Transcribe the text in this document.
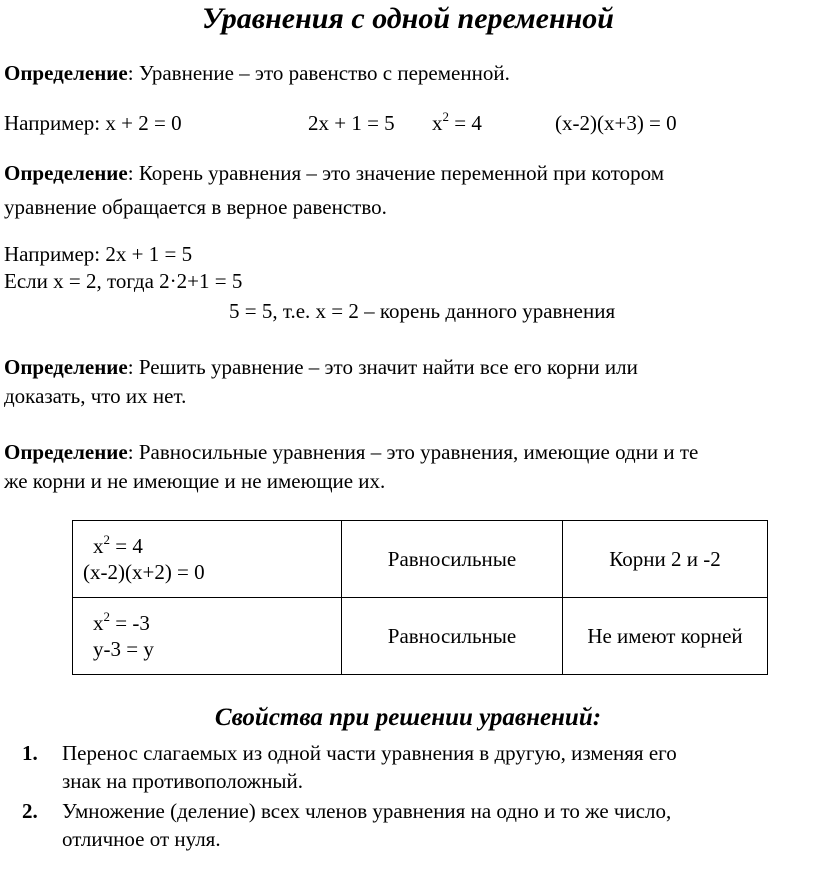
Уравнения с одной переменной
Определение: Уравнение – это равенство с переменной.
Например: x + 2 = 0	2x + 1 = 5 $x^2 = 4$	(x-2)(x+3) = 0
Определение: Корень уравнения – это значение переменной при котором
уравнение обращается в верное равенство.
Например: 2x + 1 = 5
Если x = 2, тогда 2·2+1 = 5
5 = 5, т.е. x = 2 – корень данного уравнения
Определение: Решить уравнение – это значит найти все его корни или
доказать, что их нет.
Определение: Равносильные уравнения – это уравнения, имеющие одни и те
же корни и не имеющие и не имеющие их.
$x^2 = 4$
(x-2)(x+2) = 0	Равносильные	Корни 2 и -2

$x^2 = -3$
y-3 = y	Равносильные	Не имеют корней
Свойства при решении уравнений:
1. Перенос слагаемых из одной части уравнения в другую, изменяя его
знак на противоположный.
2. Умножение (деление) всех членов уравнения на одно и то же число,
отличное от нуля.
